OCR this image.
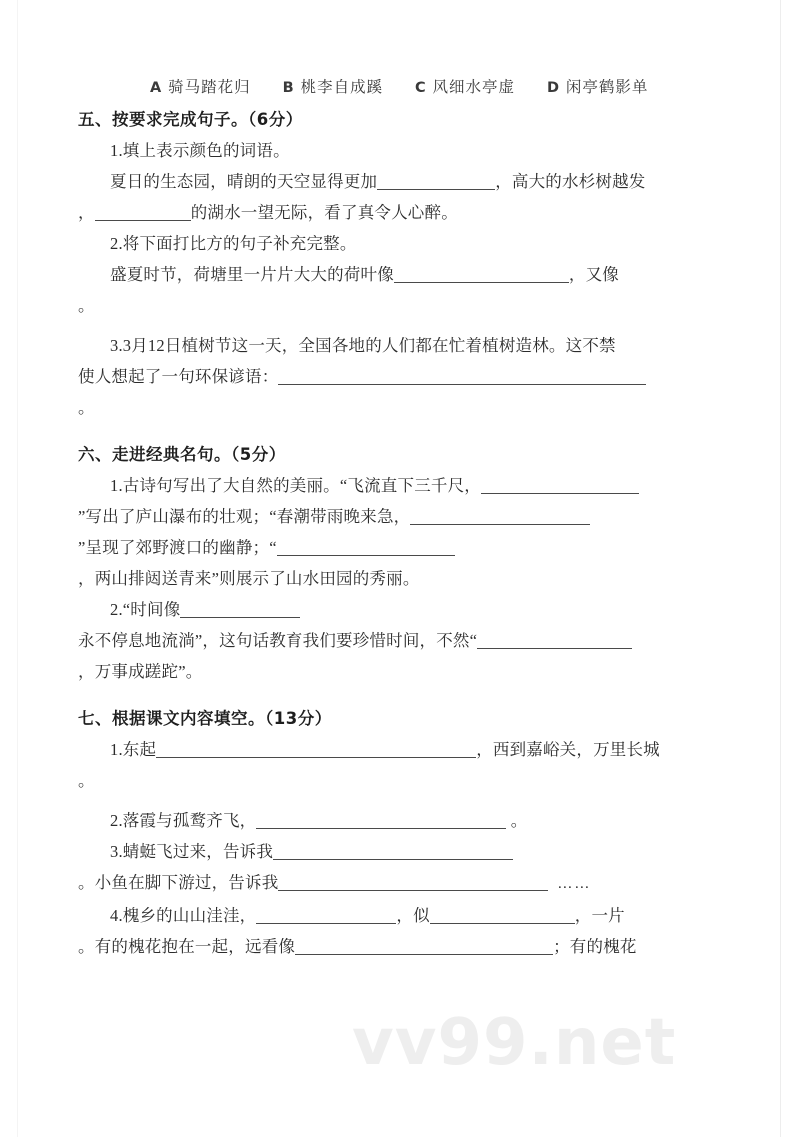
vv99.net
A 骑马踏花归 B 桃李自成蹊 C 风细水亭虚 D 闲亭鹤影单
五、按要求完成句子。（6分）
1.填上表示颜色的词语。
夏日的生态园，晴朗的天空显得更加	，高大的水杉树越发
，	的湖水一望无际，看了真令人心醉。
2.将下面打比方的句子补充完整。
盛夏时节，荷塘里一片片大大的荷叶像	，又像
。
3.3月12日植树节这一天，全国各地的人们都在忙着植树造林。这不禁
使人想起了一句环保谚语：
。
六、走进经典名句。（5分）
1.古诗句写出了大自然的美丽。“飞流直下三千尺，
”写出了庐山瀑布的壮观；“春潮带雨晚来急，
”呈现了郊野渡口的幽静；“
，两山排闼送青来”则展示了山水田园的秀丽。
2.“时间像
永不停息地流淌”，这句话教育我们要珍惜时间，不然“
，万事成蹉跎”。
七、根据课文内容填空。（13分）
1.东起	，西到嘉峪关，万里长城
。
2.落霞与孤鹜齐飞，	。
3.蜻蜓飞过来，告诉我
。小鱼在脚下游过，告诉我	……
4.槐乡的山山洼洼，	，似	，一片
。有的槐花抱在一起，远看像	；有的槐花
